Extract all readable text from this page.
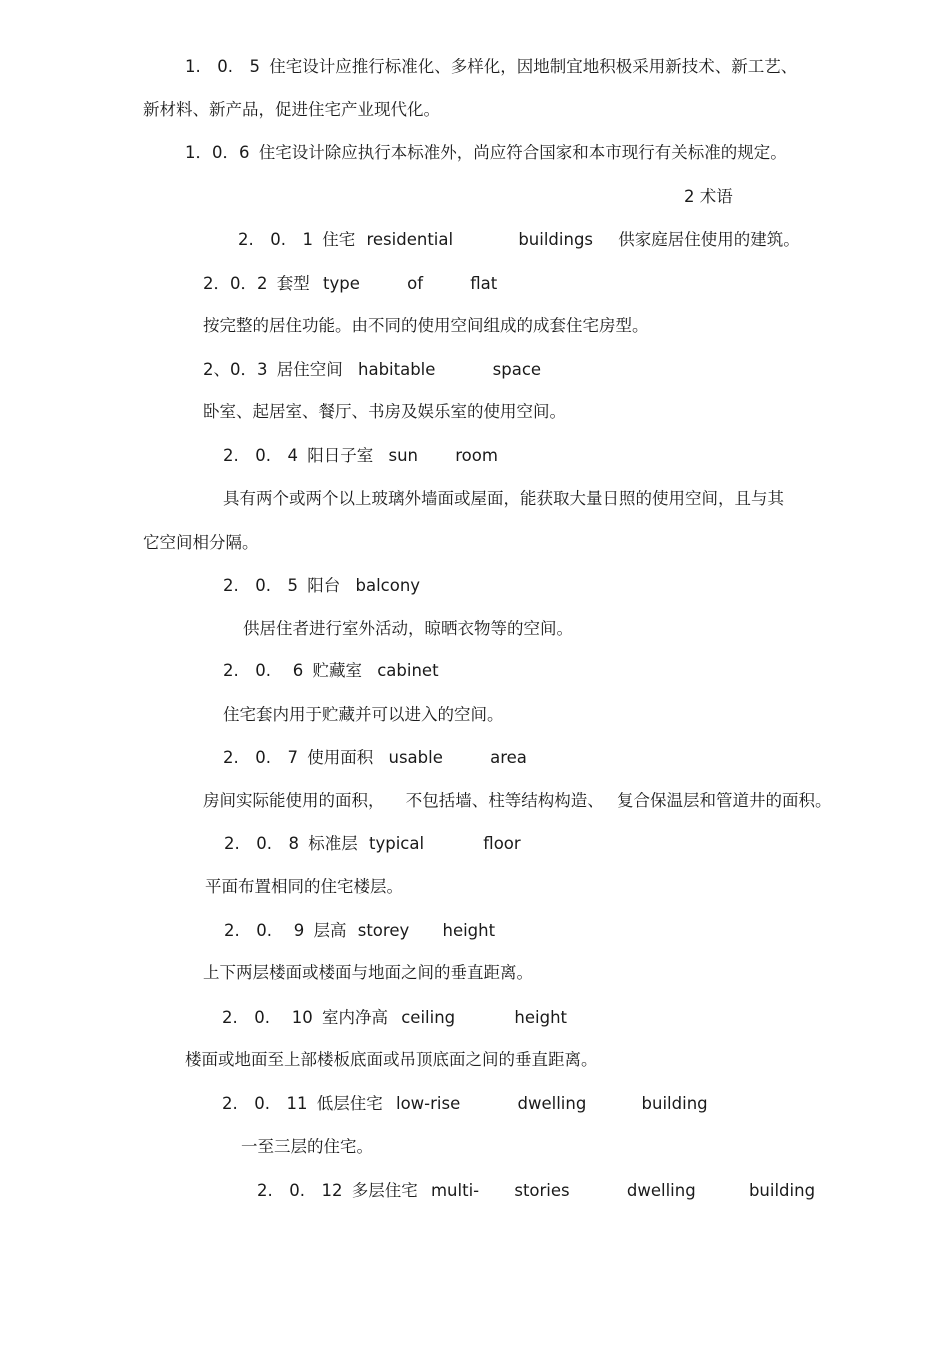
1.　0.　5 住宅设计应推行标准化、多样化，因地制宜地积极采用新技术、新工艺、
新材料、新产品，促进住宅产业现代化。
1．0．6 住宅设计除应执行本标准外，尚应符合国家和本市现行有关标准的规定。
2 术语
2.　0.　1 住宅 residential	buildings 供家庭居住使用的建筑。
2．0．2 套型 type	of	flat
按完整的居住功能。由不同的使用空间组成的成套住宅房型。
2、0．3 居住空间 habitable	space
卧室、起居室、餐厅、书房及娱乐室的使用空间。
2.　0.　4 阳日子室 sun room
具有两个或两个以上玻璃外墙面或屋面，能获取大量日照的使用空间，且与其
它空间相分隔。
2.　0.　5 阳台 balcony
供居住者进行室外活动，晾晒衣物等的空间。
2.　0.　 6 贮藏室 cabinet
住宅套内用于贮藏并可以进入的空间。
2.　0.　7 使用面积 usable	area
房间实际能使用的面积， 不包括墙、柱等结构构造、 复合保温层和管道井的面积。
2.　0.　8 标准层 typical	floor
平面布置相同的住宅楼层。
2.　0.　 9 层高 storey height
上下两层楼面或楼面与地面之间的垂直距离。
2.　0.　 10 室内净高 ceiling	height
楼面或地面至上部楼板底面或吊顶底面之间的垂直距离。
2.　0.　11 低层住宅 low-rise	dwelling	building
一至三层的住宅。
2.　0.　12 多层住宅 multi- stories	dwelling	building
